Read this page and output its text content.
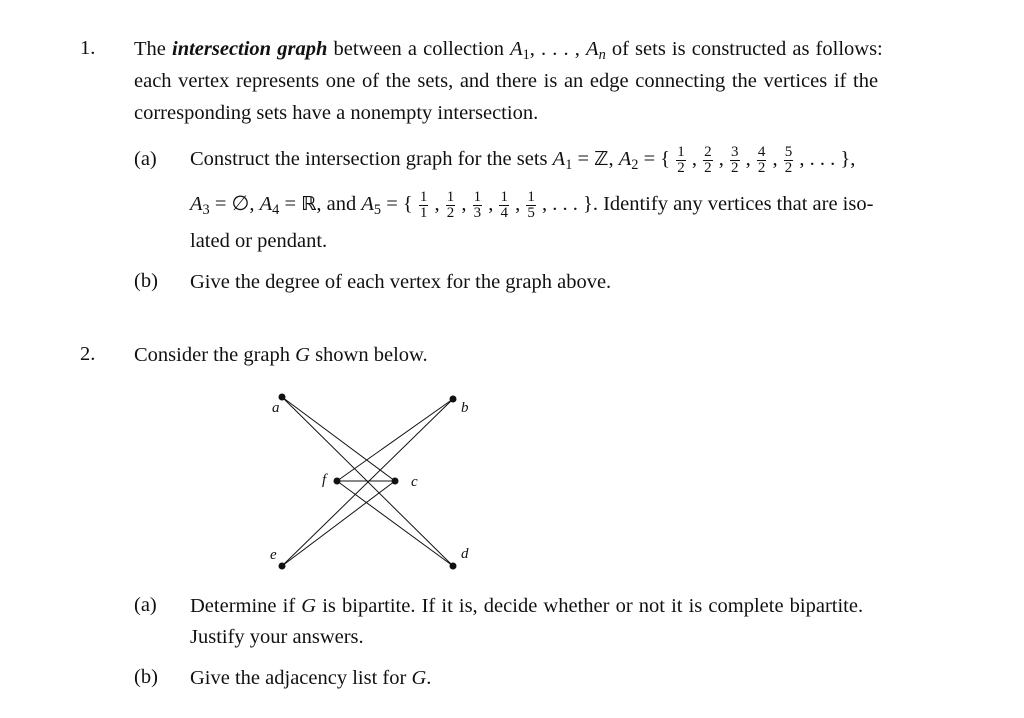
1. The intersection graph between a collection $A_1$, . . . , $A_n$ of sets is constructed as follows:
each vertex represents one of the sets, and there is an edge connecting the vertices if the
corresponding sets have a nonempty intersection.
(a) Construct the intersection graph for the sets $A_1$ = ℤ, $A_2$ = { $\frac{1}{2}$ , $\frac{2}{2}$ , $\frac{3}{2}$ , $\frac{4}{2}$ , $\frac{5}{2}$ , . . . },
$A_3$ = ∅, $A_4$ = ℝ, and $A_5$ = { $\frac{1}{1}$ , $\frac{1}{2}$ , $\frac{1}{3}$ , $\frac{1}{4}$ , $\frac{1}{5}$ , . . . }. Identify any vertices that are iso-
lated or pendant.
(b) Give the degree of each vertex for the graph above.
2. Consider the graph G shown below.
a	b
c
d
e
f
(a) Determine if G is bipartite. If it is, decide whether or not it is complete bipartite.
Justify your answers.
(b) Give the adjacency list for G.
